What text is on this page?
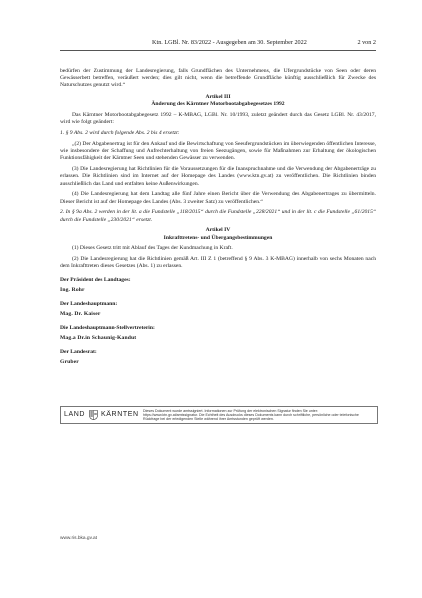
Ktn. LGBl. Nr. 83/2022 - Ausgegeben am 30. September 2022	2 von 2

bedürfen der Zustimmung der Landesregierung, falls Grundflächen des Unternehmens, die Ufergrundstücke von Seen oder deren Gewässerbett betreffen, veräußert werden; dies gilt nicht, wenn die betreffende Grundfläche künftig ausschließlich für Zwecke des Naturschutzes genutzt wird.“

Artikel III

Änderung des Kärntner Motorbootabgabegesetzes 1992

Das Kärntner Motorbootabgabegesetz 1992 – K-MBAG, LGBl. Nr. 10/1993, zuletzt geändert durch das Gesetz LGBl. Nr. 43/2017, wird wie folgt geändert:

1. § 9 Abs. 2 wird durch folgende Abs. 2 bis 4 ersetzt:

„(2) Der Abgabenertrag ist für den Ankauf und die Bewirtschaftung von Seeufergrundstücken im überwiegenden öffentlichen Interesse, wie insbesondere der Schaffung und Aufrechterhaltung von freien Seezugängen, sowie für Maßnahmen zur Erhaltung der ökologischen Funktionsfähigkeit der Kärntner Seen und stehenden Gewässer zu verwenden.

(3) Die Landesregierung hat Richtlinien für die Voraussetzungen für die Inanspruchnahme und die Verwendung der Abgabenerträge zu erlassen. Die Richtlinien sind im Internet auf der Homepage des Landes (www.ktn.gv.at) zu veröffentlichen. Die Richtlinien binden ausschließlich das Land und entfalten keine Außenwirkungen.

(4) Die Landesregierung hat dem Landtag alle fünf Jahre einen Bericht über die Verwendung des Abgabenertrages zu übermitteln. Dieser Bericht ist auf der Homepage des Landes (Abs. 3 zweiter Satz) zu veröffentlichen.“

2. In § 9a Abs. 2 werden in der lit. a die Fundstelle „118/2015“ durch die Fundstelle „228/2021“ und in der lit. c die Fundstelle „61/2015“ durch die Fundstelle „230/2021“ ersetzt.

Artikel IV

Inkrafttretens- und Übergangsbestimmungen

(1) Dieses Gesetz tritt mit Ablauf des Tages der Kundmachung in Kraft.

(2) Die Landesregierung hat die Richtlinien gemäß Art. III Z 1 (betreffend § 9 Abs. 3 K-MBAG) innerhalb von sechs Monaten nach dem Inkrafttreten dieses Gesetzes (Abs. 1) zu erlassen.

Der Präsident des Landtages:

Ing. Rohr

Der Landeshauptmann:

Mag. Dr. Kaiser

Die Landeshauptmann-Stellvertreterin:

Mag.a Dr.in Schaunig-Kandut

Der Landesrat:

Gruber

LAND KÄRNTEN
Dieses Dokument wurde amtssigniert. Informationen zur Prüfung der elektronischen Signatur finden Sie unter: https://www.ktn.gv.at/amtssignatur. Die Echtheit des Ausdrucks dieses Dokuments kann durch schriftliche, persönliche oder telefonische Rückfrage bei der erledigenden Stelle während ihrer Amtsstunden geprüft werden.
www.ris.bka.gv.at
